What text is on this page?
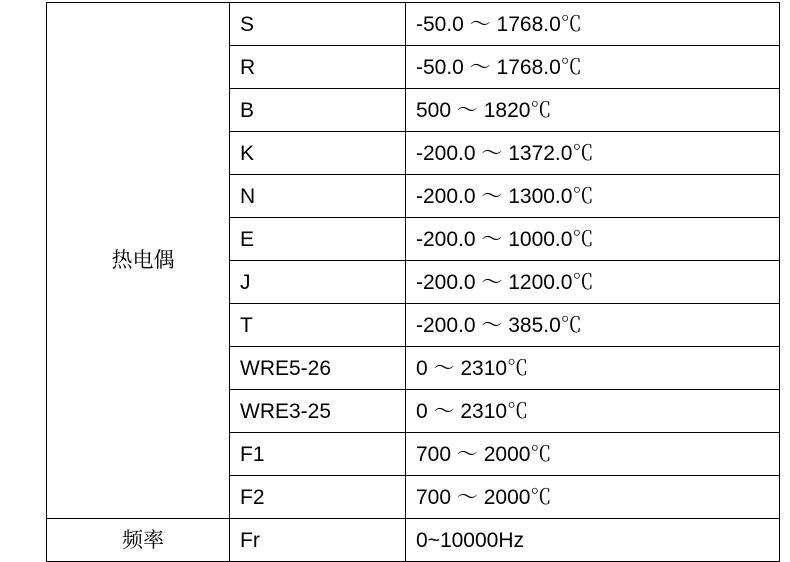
热电偶	S	-50.0 ～ 1768.0℃
	R	-50.0 ～ 1768.0℃
	B	500 ～ 1820℃
	K	-200.0 ～ 1372.0℃
	N	-200.0 ～ 1300.0℃
	E	-200.0 ～ 1000.0℃
	J	-200.0 ～ 1200.0℃
	T	-200.0 ～ 385.0℃
	WRE5-26	0 ～ 2310℃
	WRE3-25	0 ～ 2310℃
	F1	700 ～ 2000℃
	F2	700 ～ 2000℃
频率	Fr	0~10000Hz
